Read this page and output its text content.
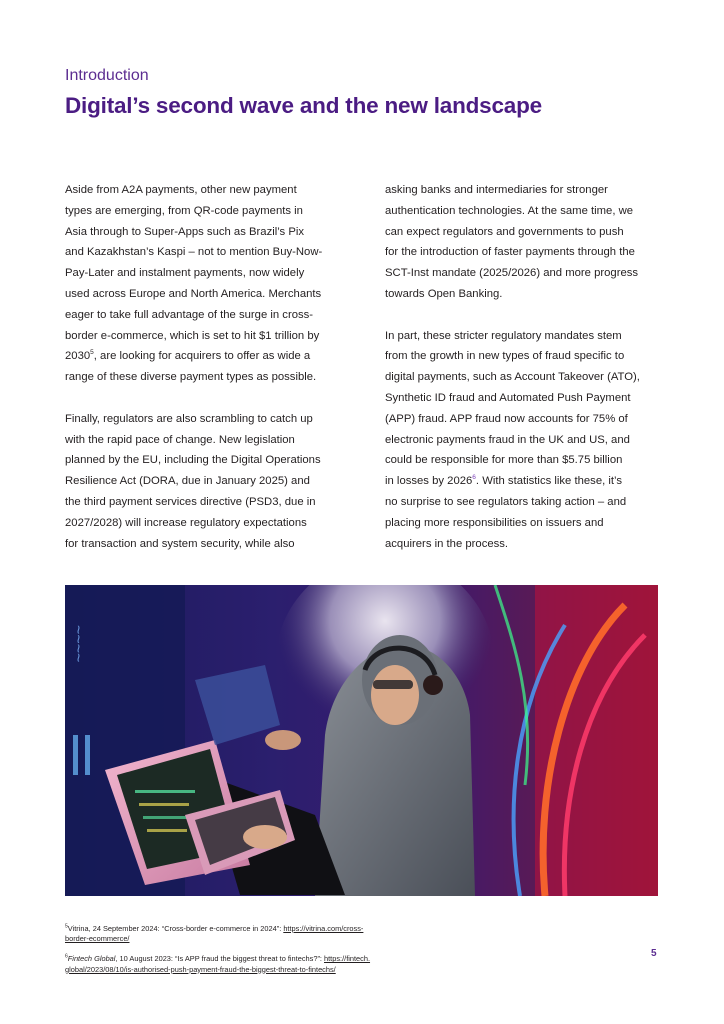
Introduction
Digital’s second wave and the new landscape

Aside from A2A payments, other new payment
types are emerging, from QR-code payments in
Asia through to Super-Apps such as Brazil’s Pix
and Kazakhstan’s Kaspi – not to mention Buy-Now-
Pay-Later and instalment payments, now widely
used across Europe and North America. Merchants
eager to take full advantage of the surge in cross-
border e-commerce, which is set to hit $1 trillion by
2030$^5$, are looking for acquirers to offer as wide a
range of these diverse payment types as possible.

Finally, regulators are also scrambling to catch up
with the rapid pace of change. New legislation
planned by the EU, including the Digital Operations
Resilience Act (DORA, due in January 2025) and
the third payment services directive (PSD3, due in
2027/2028) will increase regulatory expectations
for transaction and system security, while also

asking banks and intermediaries for stronger
authentication technologies. At the same time, we
can expect regulators and governments to push
for the introduction of faster payments through the
SCT-Inst mandate (2025/2026) and more progress
towards Open Banking.

In part, these stricter regulatory mandates stem
from the growth in new types of fraud specific to
digital payments, such as Account Takeover (ATO),
Synthetic ID fraud and Automated Push Payment
(APP) fraud. APP fraud now accounts for 75% of
electronic payments fraud in the UK and US, and
could be responsible for more than $5.75 billion
in losses by 2026$^6$. With statistics like these, it’s
no surprise to see regulators taking action – and
placing more responsibilities on issuers and
acquirers in the process.

~~~~
$^5$Vitrina, 24 September 2024: “Cross-border e-commerce in 2024”: https://vitrina.com/cross-
border-ecommerce/
$^6$Fintech Global, 10 August 2023: “Is APP fraud the biggest threat to fintechs?”: https://fintech.
global/2023/08/10/is-authorised-push-payment-fraud-the-biggest-threat-to-fintechs/
5
